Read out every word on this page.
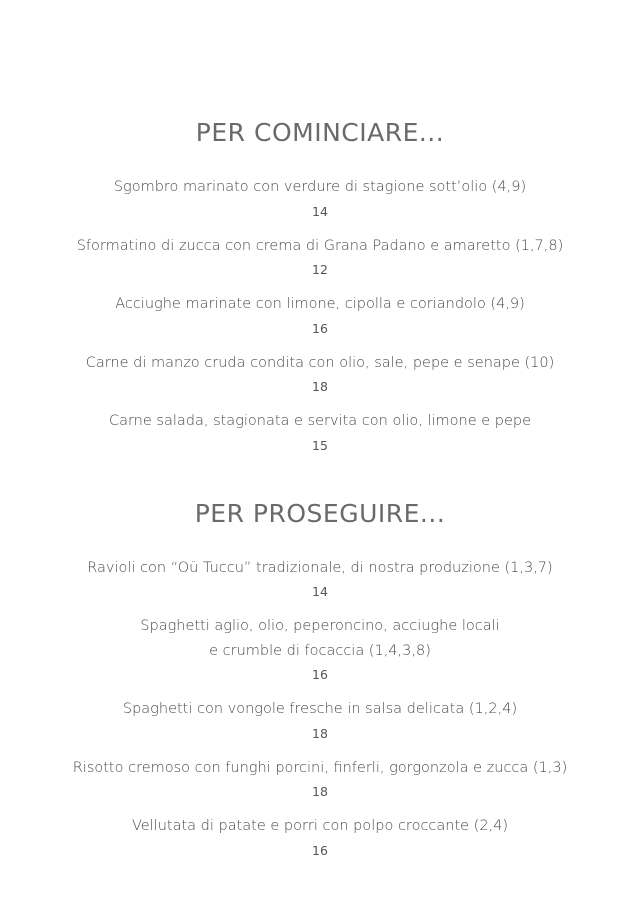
PER COMINCIARE...
Sgombro marinato con verdure di stagione sott’olio (4,9)
14
Sformatino di zucca con crema di Grana Padano e amaretto (1,7,8)
12
Acciughe marinate con limone, cipolla e coriandolo (4,9)
16
Carne di manzo cruda condita con olio, sale, pepe e senape (10)
18
Carne salada, stagionata e servita con olio, limone e pepe
15
PER PROSEGUIRE...
Ravioli con “Oü Tuccu” tradizionale, di nostra produzione (1,3,7)
14
Spaghetti aglio, olio, peperoncino, acciughe locali
e crumble di focaccia (1,4,3,8)
16
Spaghetti con vongole fresche in salsa delicata (1,2,4)
18
Risotto cremoso con funghi porcini, finferli, gorgonzola e zucca (1,3)
18
Vellutata di patate e porri con polpo croccante (2,4)
16
